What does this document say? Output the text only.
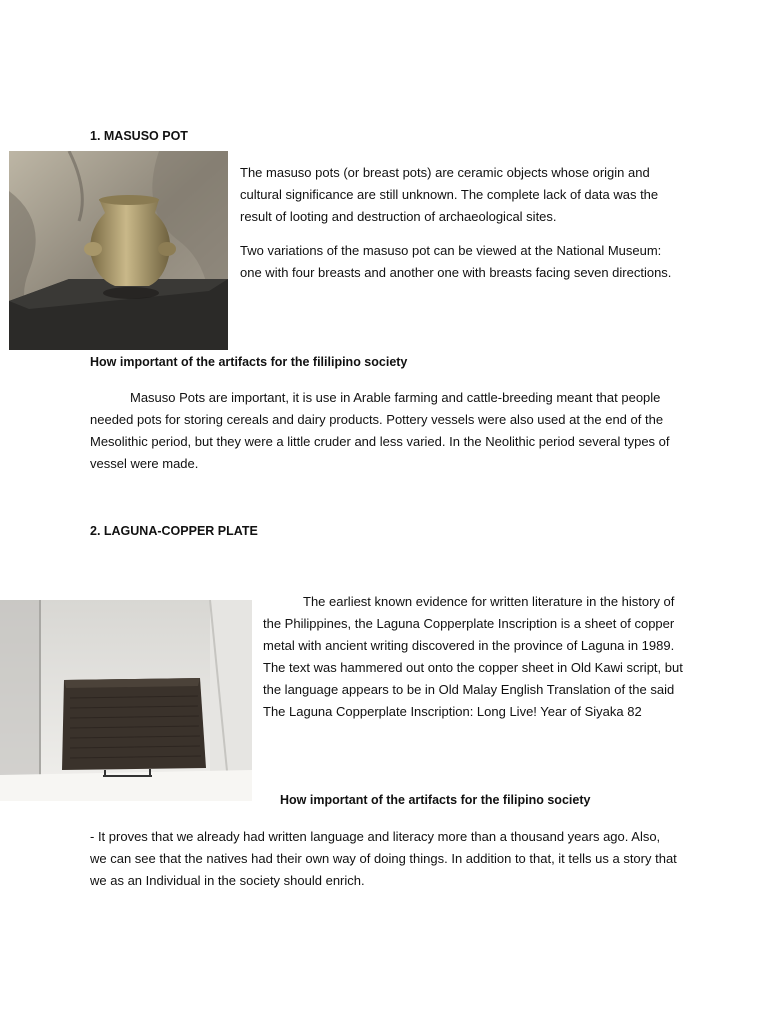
1. MASUSO POT

The masuso pots (or breast pots) are ceramic objects whose origin and cultural significance are still unknown. The complete lack of data was the result of looting and destruction of archaeological sites.

Two variations of the masuso pot can be viewed at the National Museum: one with four breasts and another one with breasts facing seven directions.

How important of the artifacts for the fililipino society

Masuso Pots are important, it is use in Arable farming and cattle-breeding meant that people needed pots for storing cereals and dairy products. Pottery vessels were also used at the end of the Mesolithic period, but they were a little cruder and less varied. In the Neolithic period several types of vessel were made.

2. LAGUNA-COPPER PLATE

The earliest known evidence for written literature in the history of the Philippines, the Laguna Copperplate Inscription is a sheet of copper metal with ancient writing discovered in the province of Laguna in 1989. The text was hammered out onto the copper sheet in Old Kawi script, but the language appears to be in Old Malay English Translation of the said The Laguna Copperplate Inscription: Long Live! Year of Siyaka 82

How important of the artifacts for the filipino society

- It proves that we already had written language and literacy more than a thousand years ago. Also, we can see that the natives had their own way of doing things. In addition to that, it tells us a story that we as an Individual in the society should enrich.
